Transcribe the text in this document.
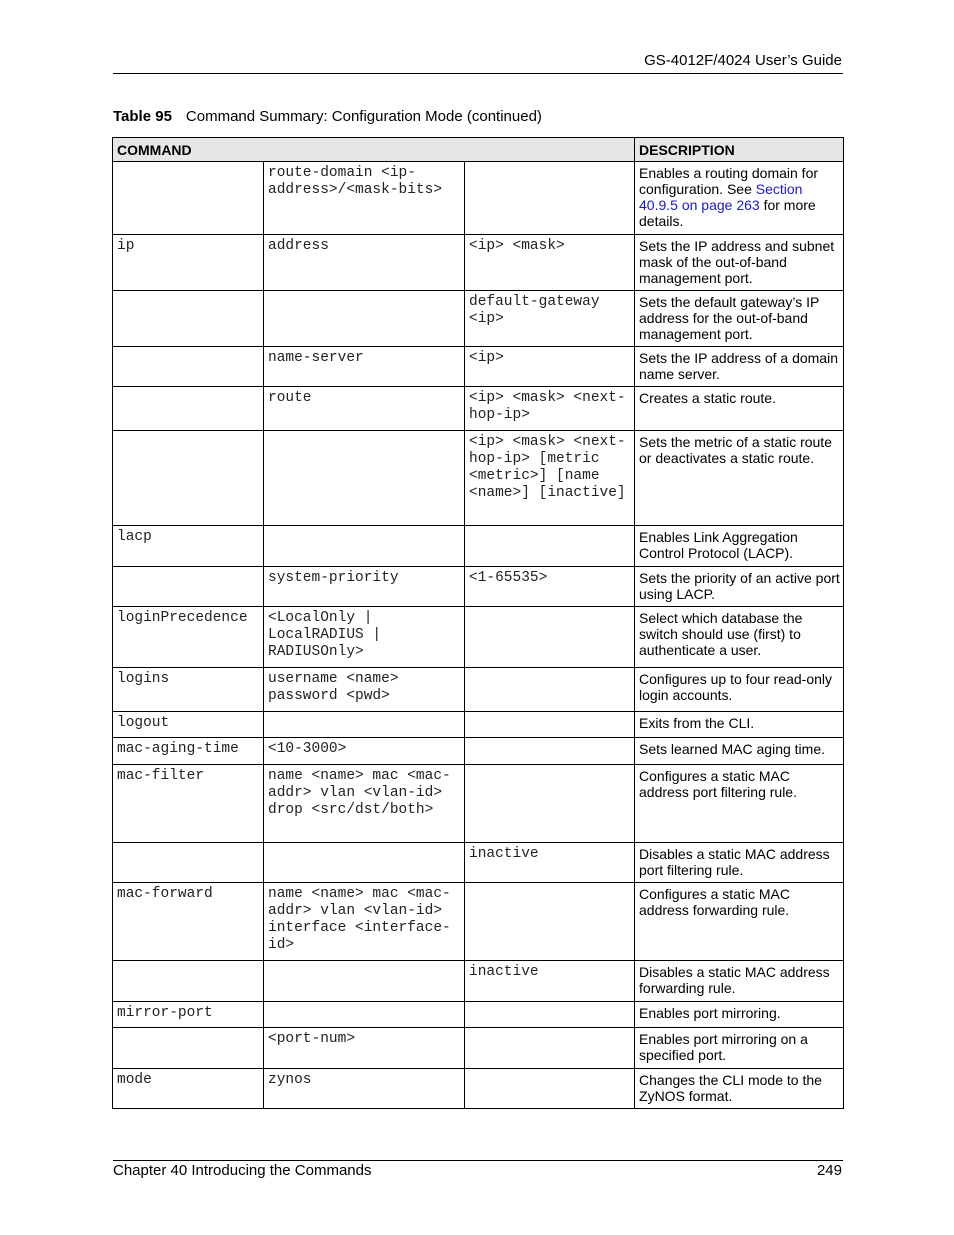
GS-4012F/4024 User’s Guide
Table 95 Command Summary: Configuration Mode (continued)
COMMAND			DESCRIPTION
	route-domain <ip-address>/<mask-bits>		Enables a routing domain for configuration. See Section 40.9.5 on page 263 for more details.
ip	address	<ip> <mask>	Sets the IP address and subnet mask of the out-of-band management port.
		default-gateway <ip>	Sets the default gateway’s IP address for the out-of-band management port.
	name-server	<ip>	Sets the IP address of a domain name server.
	route	<ip> <mask> <next-hop-ip>	Creates a static route.
		<ip> <mask> <next-hop-ip> [metric <metric>] [name <name>] [inactive]	Sets the metric of a static route or deactivates a static route.
lacp			Enables Link Aggregation Control Protocol (LACP).
	system-priority	<1-65535>	Sets the priority of an active port using LACP.
loginPrecedence	<LocalOnly | LocalRADIUS | RADIUSOnly>		Select which database the switch should use (first) to authenticate a user.
logins	username <name> password <pwd>		Configures up to four read-only login accounts.
logout			Exits from the CLI.
mac-aging-time	<10-3000>		Sets learned MAC aging time.
mac-filter	name <name> mac <mac-addr> vlan <vlan-id> drop <src/dst/both>		Configures a static MAC address port filtering rule.
		inactive	Disables a static MAC address port filtering rule.
mac-forward	name <name> mac <mac-addr> vlan <vlan-id> interface <interface-id>		Configures a static MAC address forwarding rule.
		inactive	Disables a static MAC address forwarding rule.
mirror-port			Enables port mirroring.
	<port-num>		Enables port mirroring on a specified port.
mode	zynos		Changes the CLI mode to the ZyNOS format.
Chapter 40 Introducing the Commands	249
